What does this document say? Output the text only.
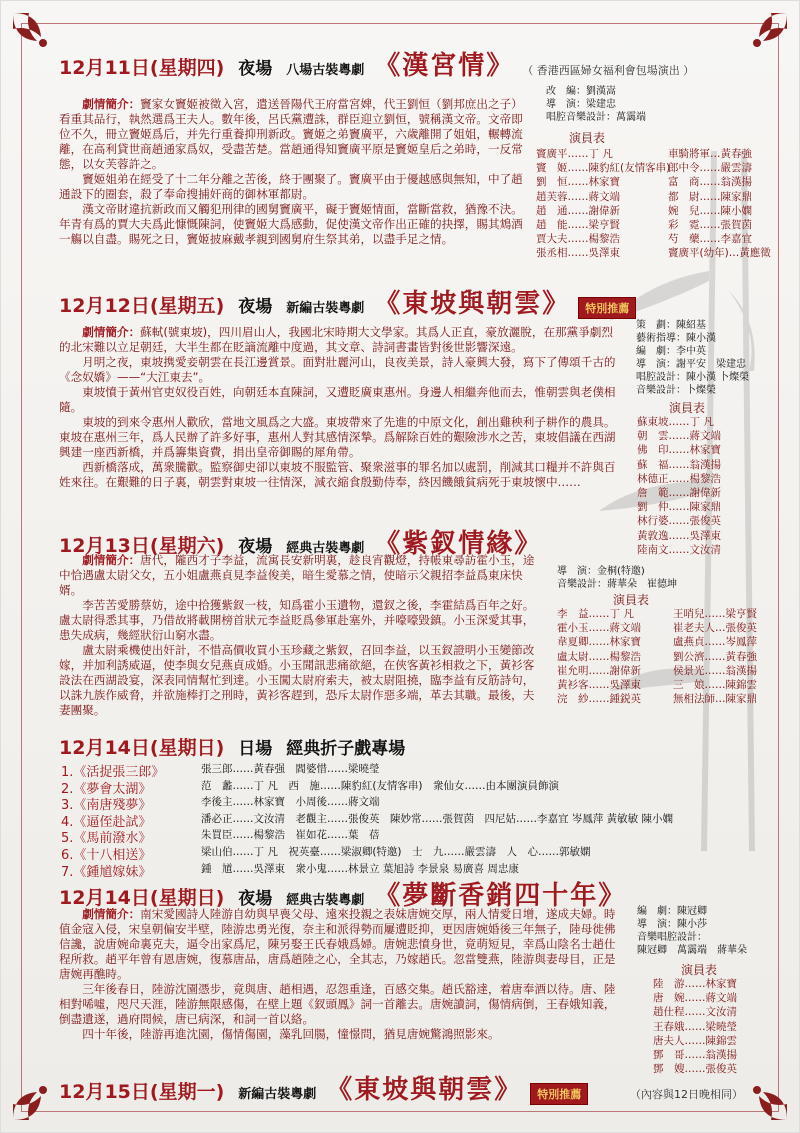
12月11日(星期四) 夜場 八場古裝粵劇 《漢宮情》 （ 香港西區婦女福利會包場演出 ）

劇情簡介：竇家女竇姬被徵入宮，遣送晉陽代王府當宮婢，代王劉恒（劉邦庶出之子）看重其品行，執然選爲王夫人。數年後，呂氏黨遭誅，群臣迎立劉恒，號稱漢文帝。文帝即位不久，冊立竇姬爲后，并先行重養抑刑新政。竇姬之弟竇廣平，六歲離開了姐姐，輾轉流離，在高利貸世商趙通家爲奴，受盡苦楚。當趙通得知竇廣平原是竇姬皇后之弟時，一反常態，以女芙蓉許之。

竇姬姐弟在經受了十二年分離之苦後，終于團聚了。竇廣平由于優越感與無知，中了趙通設下的圈套，殺了奉命搜捕奸商的御林軍都尉。

漢文帝財違抗新政而又觸犯刑律的國舅竇廣平，礙于竇姬情面，當斷當救，猶豫不決。年青有爲的賈大夫爲此慷慨陳詞，使竇姬大爲感動，促使漢文帝作出正確的抉擇，賜其鴆酒一觴以自盡。賜死之日，竇姬披麻戴孝親到國舅府生祭其弟，以盡手足之情。

改　編：劉漢嵩
導　演：梁建忠
唱腔音樂設計：萬靄端
演員表
竇廣平……丁 凡
竇　姬……陳豹紅(友情客串)
劉　恒……林家寶
趙芙蓉……蔣文端
趙　通……謝偉新
趙　能……梁亨賢
賈大夫……楊黎浩
張丞相……吳澤東
車騎將軍…黃春強
郎中令……嚴雲濤
富　商……翁漢揚
都　尉……陳家鼎
婉　兒……陳小嫻
彩　霓……張賀茵
芍　藥……李嘉宜
竇廣平(幼年)…黃應徵
12月12日(星期五) 夜場 新編古裝粵劇 《東坡與朝雲》	特別推薦

劇情簡介：蘇軾(號東坡)，四川眉山人，我國北宋時期大文學家。其爲人正直，豪放灑脫，在那黨爭劇烈的北宋難以立足朝廷，大半生都在貶謫流離中度過，其文章、詩詞書畫皆對後世影響深遠。

月明之夜，東坡携愛妾朝雲在長江邊賞景。面對壯麗河山，良夜美景，詩人豪興大發，寫下了傳頌千古的《念奴嬌》——“大江東去”。

東坡憤于黃州官吏奴役百姓，向朝廷本直陳詞，又遭貶廣東惠州。身邊人相繼奔他而去，惟朝雲與老僕相隨。

東坡的到來令惠州人歡欣，當地文風爲之大盛。東坡帶來了先進的中原文化，創出雞秧利子耕作的農具。東坡在惠州三年，爲人民辦了許多好事，惠州人對其感情深摯。爲解除百姓的艱險涉水之苦，東坡倡議在西湖興建一座西新橋，并爲籌集資費，捐出皇帝御賜的犀角帶。

西新橋落成，萬衆騰歡。監察御史卻以東坡不服監管、聚衆滋事的罪名加以處罰，削減其口糧并不許與百姓來往。在艱難的日子裏，朝雲對東坡一往情深，減衣縮食殷勤侍奉，終因饑餓貧病死于東坡懷中……

策　劃：陳紹基
藝術指導：陳小漢
編　劇：李中英
導　演：謝平安　梁建忠
唱腔設計：陳小漢 卜燦榮
音樂設計：卜燦榮
演員表
蘇東坡……丁 凡
朝　雲……蔣文端
佛　印……林家寶
蘇　福……翁漢揚
林德正……楊黎浩
詹　範……謝偉新
劉　仲……陳家鼎
林行婆……張俊英
黃敦逸……吳澤東
陸南文……文汝清
12月13日(星期六) 夜場 經典古裝粵劇 《紫釵情緣》

劇情簡介：唐代，隴西才子李益，流寓長安新明裏，趁良宵觀燈，持帳東尋訪霍小玉，途中恰遇盧太尉父女，五小姐盧燕貞見李益俊美，暗生愛慕之情，使暗示父親招李益爲東床快婿。

李苦苦愛勝蔡妨，途中拾獲紫釵一枝，知爲霍小玉遺物，還釵之後，李霍結爲百年之好。盧太尉得悉其事，乃借故將載開榜首狀元李益貶爲參軍赴塞外，并嚎嚎毀鎮。小玉深愛其事，患失成病，幾經狀衍山窮水盡。

盧太尉乘機使出奸計，不惜高價收買小玉珍藏之紫釵，召回李益，以玉釵證明小玉變節改嫁，并加利誘威逼，使李與女兒燕貞成婚。小玉聞訊悲痛欲絕，在俠客黃衫相救之下，黃衫客設法在西湖設宴，深表同情幫忙到達。小玉闖太尉府索夫，被太尉阻撓，臨李益有反筋詩句，以誅九族作威脅，并欲施棒打之刑時，黃衫客趕到，恐斥太尉作惡多端，革去其職。最後，夫妻團聚。

導　演：金桐(特邀)
音樂設計：蔣華朵　崔德坤
演員表
李　益……丁 凡
霍小玉……蔣文端
韋夏卿……林家寶
盧太尉……楊黎浩
崔允明……謝偉新
黃衫客……吳澤東
浣　紗……鍾鋭英
王哨兒……梁亨賢
崔老夫人…張俊英
盧燕貞……岑鳳萍
劉公濟……黃春強
侯景光……翁漢揚
三　娘……陳錦雲
無相法師…陳家鼎
12月14日(星期日) 日場 經典折子戲專場
1.《活捉張三郎》
2.《夢會太湖》
3.《南唐殘夢》
4.《逼侄赴試》
5.《馬前潑水》
6.《十八相送》
7.《鍾馗嫁妹》
張三郎……黃春强　閻婆惜……梁曉瑩
范　蠡……丁 凡　西　施……陳豹紅(友情客串)　衆仙女……由本團演員飾演
李後主……林家寶　小周後……蔣文端
潘必正……文汝清　老觀主……張俊英　陳妙常……張賀茵　四尼姑……李嘉宜 岑鳳萍 黃敏敏 陳小嫻
朱買臣……楊黎浩　崔如花……葉　蓓
梁山伯……丁 凡　祝英臺……梁淑卿(特邀)　士　九……嚴雲濤　人　心……郭敏嫻
鍾　馗……吳澤東　衆小鬼……林景立 葉旭詩 李景泉 易廣喜 周忠康
12月14日(星期日) 夜場 經典古裝粵劇 《夢斷香銷四十年》

劇情簡介：南宋愛國詩人陸游自幼與早喪父母、遠來投親之表妹唐婉交厚，兩人情愛日增，遂成夫婦。時值金寇入侵，宋皇朝偏安半壁，陸游忠勇光復，奈主和派得勢而屢遭貶抑，更因唐婉婚後三年無子，陸母徙佛信讒，說唐婉命裏克夫，逼令出家爲尼，陳另娶王氏春娥爲婦。唐婉悲憤身世，竟萌短見，幸爲山陰名士趙仕程所救。趙平年曾有恩唐婉，復慕唐品，唐爲趙陸之心，全其志，乃嫁趙氏。忽當雙燕，陸游與妻母目，正是唐婉再醮時。

三年後春日，陸游沈園憑步，竟與唐、趙相遇，忍怨重逢，百感交集。趙氏豁達，着唐奉酒以待。唐、陸相對唏噓，咫尺天涯，陸游無限感傷，在壁上題《釵頭鳳》詞一首離去。唐婉讀詞，傷情病倒，王春娥知義，倒盡遺遂，過府問候，唐已病深，和詞一首以絡。

四十年後，陸游再進沈園，傷情傷園，藻乳回腸，憧憬問，猶見唐婉驚鴻照影來。

編　劇：陳冠卿
導　演：陳小莎
音樂唱腔設計：
陳冠卿　萬靄端　蔣華朵
演員表
陸　游……林家寶
唐　婉……蔣文端
趙仕程……文汝清
王春娥……梁曉瑩
唐夫人……陳錦雲
鄧　哥……翁漢揚
鄧　嫂……張俊英
12月15日(星期一) 新編古裝粵劇 《東坡與朝雲》	特別推薦	（內容與12日晚相同）
